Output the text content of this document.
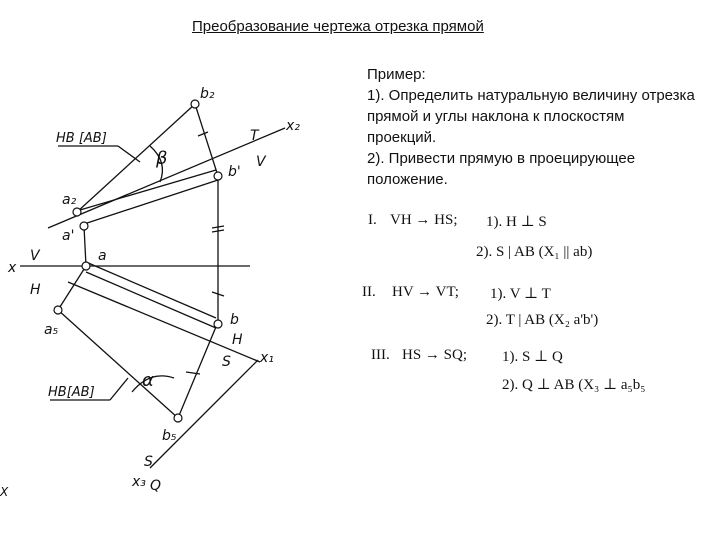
Преобразование чертежа отрезка прямой

Пример:

1). Определить натуральную величину отрезка прямой и углы наклона к плоскостям проекций.

2). Привести прямую в проецирующее положение.

I. VH → HS; 1). H ⊥ S
2). S | AB (X₁ || ab)
II. HV → VT; 1). V ⊥ T
2). T | AB (X₂ a'b')
III. HS → SQ; 1). S ⊥ Q
2). Q ⊥ AB (X₃ ⊥ a₅b₅
b₂
a₂
b'
a'
a
b
a₅
b₅
x
x₂
x₁
x₃
V
H
T
V
H
S
S
Q
НВ [АВ]
НВ[АВ]
β
α
X
